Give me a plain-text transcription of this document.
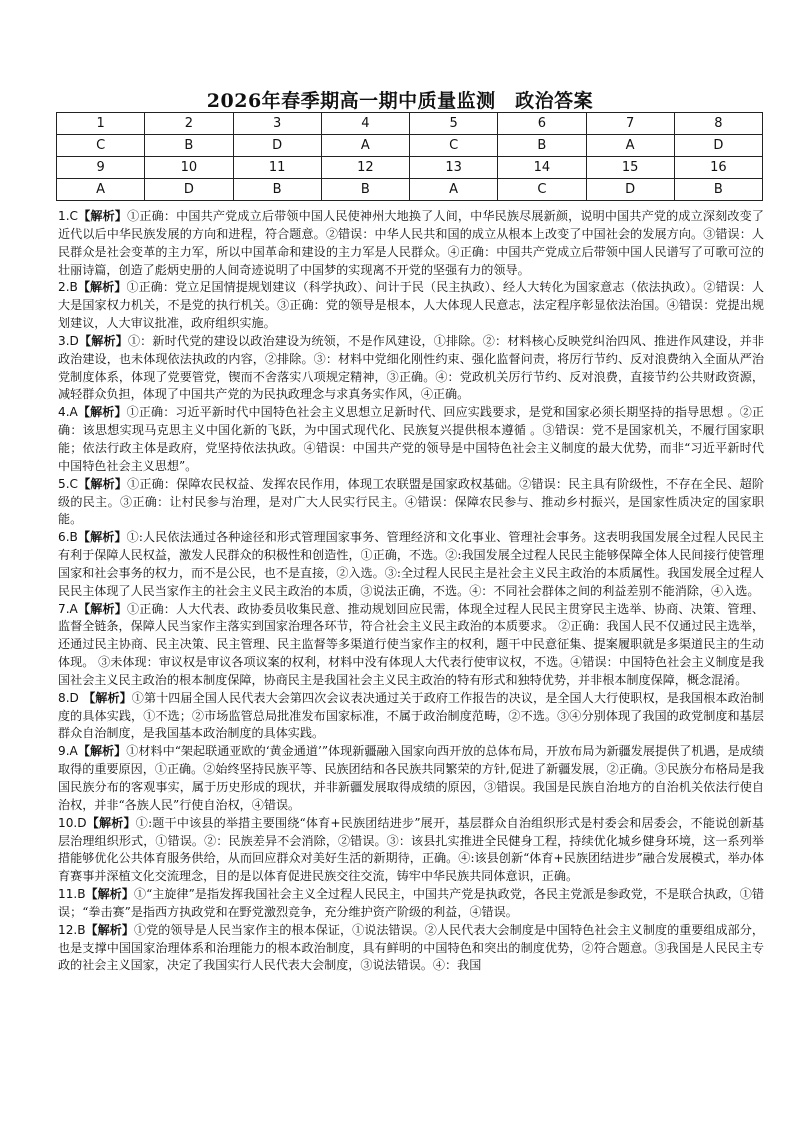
2026年春季期高一期中质量监测　政治答案
1	2	3	4	5	6	7	8
C	B	D	A	C	B	A	D
9	10	11	12	13	14	15	16
A	D	B	B	A	C	D	B

1.C【解析】①正确：中国共产党成立后带领中国人民使神州大地换了人间，中华民族尽展新颜，说明中国共产党的成立深刻改变了近代以后中华民族发展的方向和进程，符合题意。②错误：中华人民共和国的成立从根本上改变了中国社会的发展方向。③错误：人民群众是社会变革的主力军，所以中国革命和建设的主力军是人民群众。④正确：中国共产党成立后带领中国人民谱写了可歌可泣的壮丽诗篇，创造了彪炳史册的人间奇迹说明了中国梦的实现离不开党的坚强有力的领导。

2.B【解析】①正确：党立足国情提规划建议（科学执政）、问计于民（民主执政）、经人大转化为国家意志（依法执政）。②错误：人大是国家权力机关，不是党的执行机关。③正确：党的领导是根本，人大体现人民意志，法定程序彰显依法治国。④错误：党提出规划建议，人大审议批准，政府组织实施。

3.D【解析】①：新时代党的建设以政治建设为统领，不是作风建设，①排除。②：材料核心反映党纠治四风、推进作风建设，并非政治建设，也未体现依法执政的内容，②排除。③：材料中党细化刚性约束、强化监督问责，将厉行节约、反对浪费纳入全面从严治党制度体系，体现了党要管党，锲而不舍落实八项规定精神，③正确。④：党政机关厉行节约、反对浪费，直接节约公共财政资源，减轻群众负担，体现了中国共产党的为民执政理念与求真务实作风，④正确。

4.A【解析】①正确：习近平新时代中国特色社会主义思想立足新时代、回应实践要求，是党和国家必须长期坚持的指导思想 。②正确：该思想实现马克思主义中国化新的飞跃，为中国式现代化、民族复兴提供根本遵循 。③错误：党不是国家机关，不履行国家职能；依法行政主体是政府，党坚持依法执政。④错误：中国共产党的领导是中国特色社会主义制度的最大优势，而非“习近平新时代中国特色社会主义思想”。

5.C【解析】①正确：保障农民权益、发挥农民作用，体现工农联盟是国家政权基础。②错误：民主具有阶级性，不存在全民、超阶级的民主。③正确：让村民参与治理，是对广大人民实行民主。④错误：保障农民参与、推动乡村振兴，是国家性质决定的国家职能。

6.B【解析】①:人民依法通过各种途径和形式管理国家事务、管理经济和文化事业、管理社会事务。这表明我国发展全过程人民民主有利于保障人民权益，激发人民群众的积极性和创造性，①正确，不选。②:我国发展全过程人民民主能够保障全体人民间接行使管理国家和社会事务的权力，而不是公民，也不是直接，②入选。③:全过程人民民主是社会主义民主政治的本质属性。我国发展全过程人民民主体现了人民当家作主的社会主义民主政治的本质，③说法正确，不选。④：不同社会群体之间的利益差别不能消除，④入选。

7.A【解析】①正确：人大代表、政协委员收集民意、推动规划回应民需，体现全过程人民民主贯穿民主选举、协商、决策、管理、监督全链条，保障人民当家作主落实到国家治理各环节，符合社会主义民主政治的本质要求。 ②正确：我国人民不仅通过民主选举，还通过民主协商、民主决策、民主管理、民主监督等多渠道行使当家作主的权利，题干中民意征集、提案履职就是多渠道民主的生动体现。 ③未体现：审议权是审议各项议案的权利，材料中没有体现人大代表行使审议权，不选。④错误：中国特色社会主义制度是我国社会主义民主政治的根本制度保障，协商民主是我国社会主义民主政治的特有形式和独特优势，并非根本制度保障，概念混淆。

8.D 【解析】①第十四届全国人民代表大会第四次会议表决通过关于政府工作报告的决议，是全国人大行使职权，是我国根本政治制度的具体实践，①不选；②市场监管总局批准发布国家标准，不属于政治制度范畴，②不选。③④分别体现了我国的政党制度和基层群众自治制度，是我国基本政治制度的具体实践。

9.A【解析】①材料中“架起联通亚欧的‘黄金通道’”体现新疆融入国家向西开放的总体布局，开放布局为新疆发展提供了机遇，是成绩取得的重要原因，①正确。②始终坚持民族平等、民族团结和各民族共同繁荣的方针,促进了新疆发展，②正确。③民族分布格局是我国民族分布的客观事实，属于历史形成的现状，并非新疆发展取得成绩的原因，③错误。我国是民族自治地方的自治机关依法行使自治权，并非“各族人民”行使自治权，④错误。

10.D【解析】①:题干中该县的举措主要围绕“体育+民族团结进步”展开，基层群众自治组织形式是村委会和居委会，不能说创新基层治理组织形式，①错误。②：民族差异不会消除，②错误。③：该县扎实推进全民健身工程，持续优化城乡健身环境，这一系列举措能够优化公共体育服务供给，从而回应群众对美好生活的新期待，正确。④:该县创新“体育+民族团结进步”融合发展模式，举办体育赛事并深植文化交流理念，目的是以体育促进民族交往交流，铸牢中华民族共同体意识，正确。

11.B【解析】①“主旋律”是指发挥我国社会主义全过程人民民主，中国共产党是执政党，各民主党派是参政党，不是联合执政，①错误；“拳击赛”是指西方执政党和在野党激烈竞争，充分维护资产阶级的利益，④错误。

12.B【解析】①党的领导是人民当家作主的根本保证，①说法错误。②人民代表大会制度是中国特色社会主义制度的重要组成部分，也是支撑中国国家治理体系和治理能力的根本政治制度，具有鲜明的中国特色和突出的制度优势，②符合题意。③我国是人民民主专政的社会主义国家，决定了我国实行人民代表大会制度，③说法错误。④：我国
